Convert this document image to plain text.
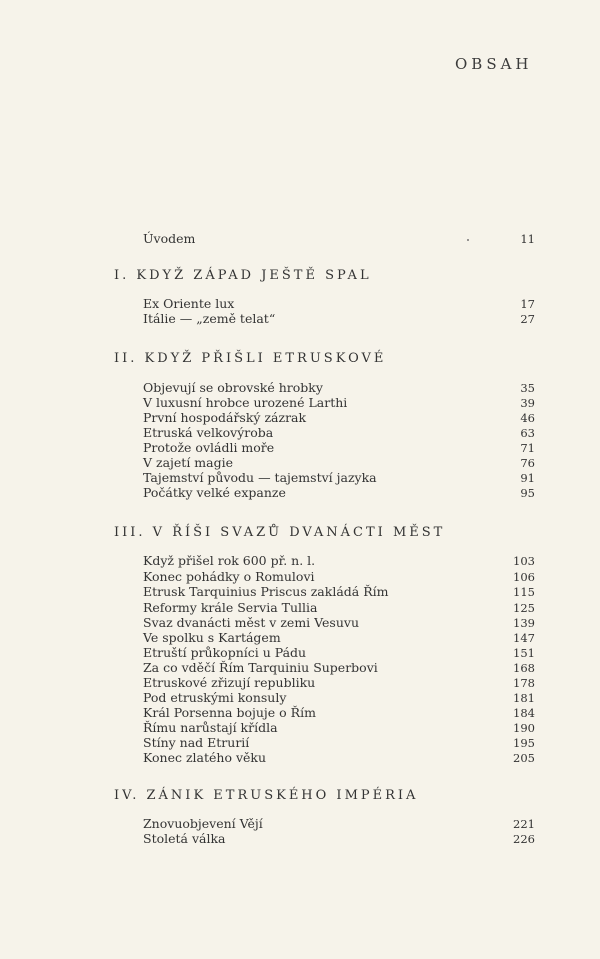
OBSAH
Úvodem	11
I. KDYŽ ZÁPAD JEŠTĚ SPAL
Ex Oriente lux	17
Itálie — „země telat“	27
II. KDYŽ PŘIŠLI ETRUSKOVÉ
Objevují se obrovské hrobky	35
V luxusní hrobce urozené Larthi	39
První hospodářský zázrak	46
Etruská velkovýroba	63
Protože ovládli moře	71
V zajetí magie	76
Tajemství původu — tajemství jazyka	91
Počátky velké expanze	95
III. V ŘÍŠI SVAZŮ DVANÁCTI MĚST
Když přišel rok 600 př. n. l.	103
Konec pohádky o Romulovi	106
Etrusk Tarquinius Priscus zakládá Řím	115
Reformy krále Servia Tullia	125
Svaz dvanácti měst v zemi Vesuvu	139
Ve spolku s Kartágem	147
Etruští průkopníci u Pádu	151
Za co vděčí Řím Tarquiniu Superbovi	168
Etruskové zřizují republiku	178
Pod etruskými konsuly	181
Král Porsenna bojuje o Řím	184
Římu narůstají křídla	190
Stíny nad Etrurií	195
Konec zlatého věku	205
IV. ZÁNIK ETRUSKÉHO IMPÉRIA
Znovuobjevení Vějí	221
Stoletá válka	226
